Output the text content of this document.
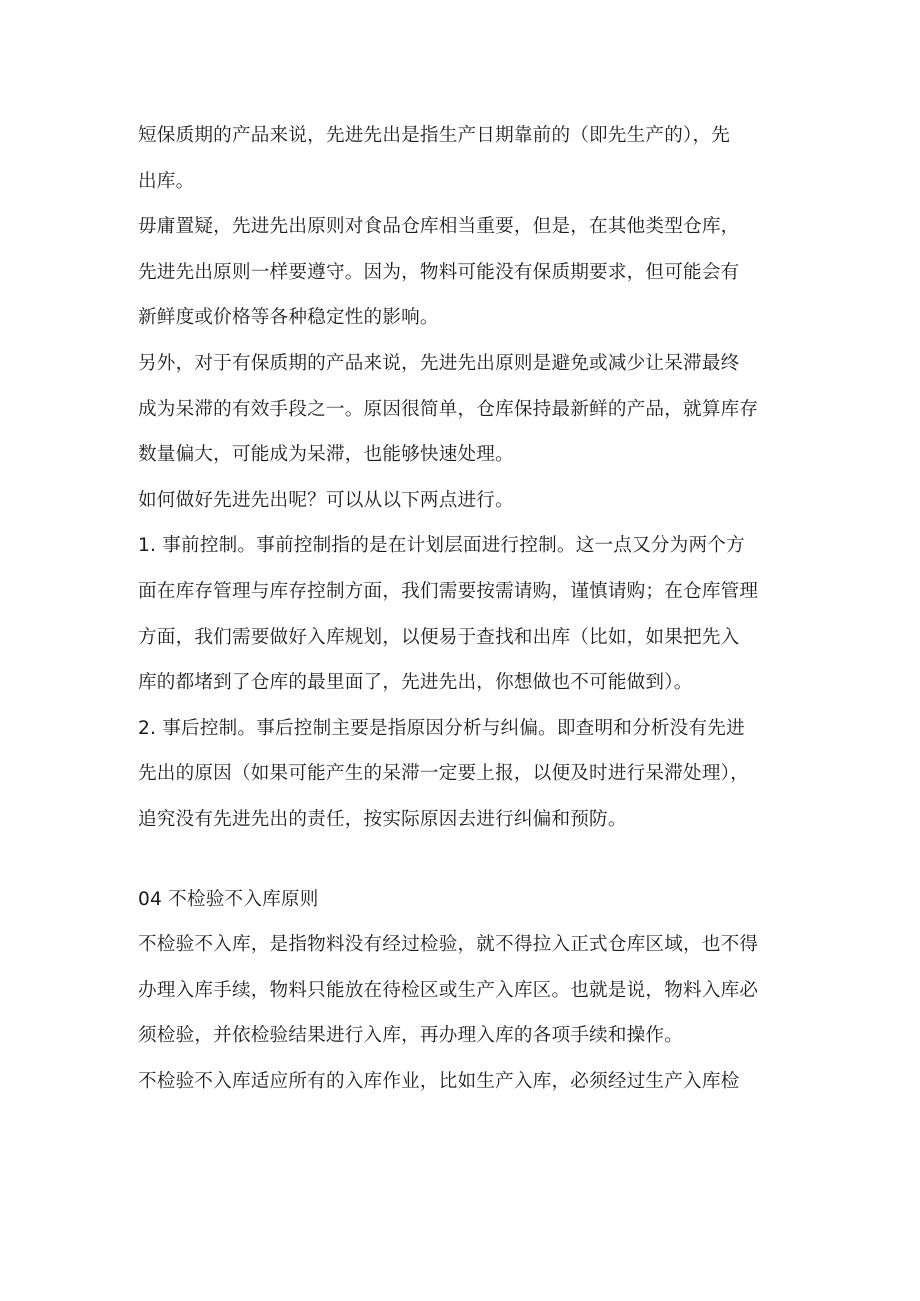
短保质期的产品来说，先进先出是指生产日期靠前的（即先生产的），先
出库。
毋庸置疑，先进先出原则对食品仓库相当重要，但是，在其他类型仓库，
先进先出原则一样要遵守。因为，物料可能没有保质期要求，但可能会有
新鲜度或价格等各种稳定性的影响。
另外，对于有保质期的产品来说，先进先出原则是避免或减少让呆滞最终
成为呆滞的有效手段之一。原因很简单，仓库保持最新鲜的产品，就算库存
数量偏大，可能成为呆滞，也能够快速处理。
如何做好先进先出呢？可以从以下两点进行。
1. 事前控制。事前控制指的是在计划层面进行控制。这一点又分为两个方
面在库存管理与库存控制方面，我们需要按需请购，谨慎请购；在仓库管理
方面，我们需要做好入库规划，以便易于查找和出库（比如，如果把先入
库的都堵到了仓库的最里面了，先进先出，你想做也不可能做到）。
2. 事后控制。事后控制主要是指原因分析与纠偏。即查明和分析没有先进
先出的原因（如果可能产生的呆滞一定要上报，以便及时进行呆滞处理），
追究没有先进先出的责任，按实际原因去进行纠偏和预防。
04 不检验不入库原则
不检验不入库，是指物料没有经过检验，就不得拉入正式仓库区域，也不得
办理入库手续，物料只能放在待检区或生产入库区。也就是说，物料入库必
须检验，并依检验结果进行入库，再办理入库的各项手续和操作。
不检验不入库适应所有的入库作业，比如生产入库，必须经过生产入库检
